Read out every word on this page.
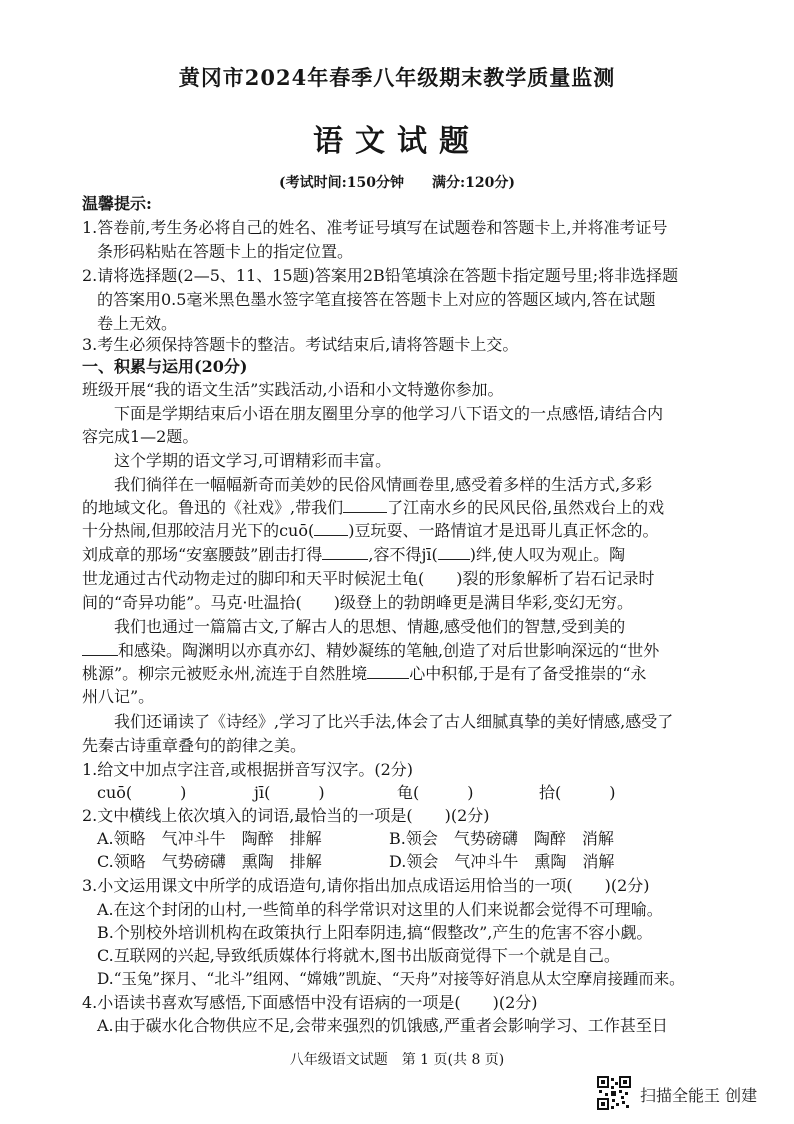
黄冈市2024年春季八年级期末教学质量监测
语文试题
(考试时间:150分钟　　满分:120分)
温馨提示:
1.答卷前,考生务必将自己的姓名、准考证号填写在试题卷和答题卡上,并将准考证号
条形码粘贴在答题卡上的指定位置。
2.请将选择题(2—5、11、15题)答案用2B铅笔填涂在答题卡指定题号里;将非选择题
的答案用0.5毫米黑色墨水签字笔直接答在答题卡上对应的答题区域内,答在试题
卷上无效。
3.考生必须保持答题卡的整洁。考试结束后,请将答题卡上交。
一、积累与运用(20分)
班级开展“我的语文生活”实践活动,小语和小文特邀你参加。
下面是学期结束后小语在朋友圈里分享的他学习八下语文的一点感悟,请结合内
容完成1—2题。
这个学期的语文学习,可谓精彩而丰富。
我们徜徉在一幅幅新奇而美妙的民俗风情画卷里,感受着多样的生活方式,多彩
的地域文化。鲁迅的《社戏》,带我们	了江南水乡的民风民俗,虽然戏台上的戏
十分热闹,但那皎洁月光下的cuō( )豆玩耍、一路情谊才是迅哥儿真正怀念的。
刘成章的那场“安塞腰鼓”剧击打得	,容不得jī( )绊,使人叹为观止。陶
世龙通过古代动物走过的脚印和天平时候泥土龟(　　)裂的形象解析了岩石记录时
间的“奇异功能”。马克·吐温拾(　　)级登上的勃朗峰更是满目华彩,变幻无穷。
我们也通过一篇篇古文,了解古人的思想、情趣,感受他们的智慧,受到美的
和感染。陶渊明以亦真亦幻、精妙凝练的笔触,创造了对后世影响深远的“世外
桃源”。柳宗元被贬永州,流连于自然胜境	心中积郁,于是有了备受推崇的“永
州八记”。
我们还诵读了《诗经》,学习了比兴手法,体会了古人细腻真挚的美好情感,感受了
先秦古诗重章叠句的韵律之美。
1.给文中加点字注音,或根据拼音写汉字。(2分)
cuō(　　　)	jī(　　　)	龟(　　　)	拾(　　　)
2.文中横线上依次填入的词语,最恰当的一项是(　　)(2分)
A.领略　气冲斗牛　陶醉　排解	B.领会　气势磅礴　陶醉　消解
C.领略　气势磅礴　熏陶　排解	D.领会　气冲斗牛　熏陶　消解
3.小文运用课文中所学的成语造句,请你指出加点成语运用恰当的一项(　　)(2分)
A.在这个封闭的山村,一些简单的科学常识对这里的人们来说都会觉得不可理喻。
B.个别校外培训机构在政策执行上阳奉阴违,搞“假整改”,产生的危害不容小觑。
C.互联网的兴起,导致纸质媒体行将就木,图书出版商觉得下一个就是自己。
D.“玉兔”探月、“北斗”组网、“嫦娥”凯旋、“天舟”对接等好消息从太空摩肩接踵而来。
4.小语读书喜欢写感悟,下面感悟中没有语病的一项是(　　)(2分)
A.由于碳水化合物供应不足,会带来强烈的饥饿感,严重者会影响学习、工作甚至日
八年级语文试题　第 1 页(共 8 页)
扫描全能王 创建
